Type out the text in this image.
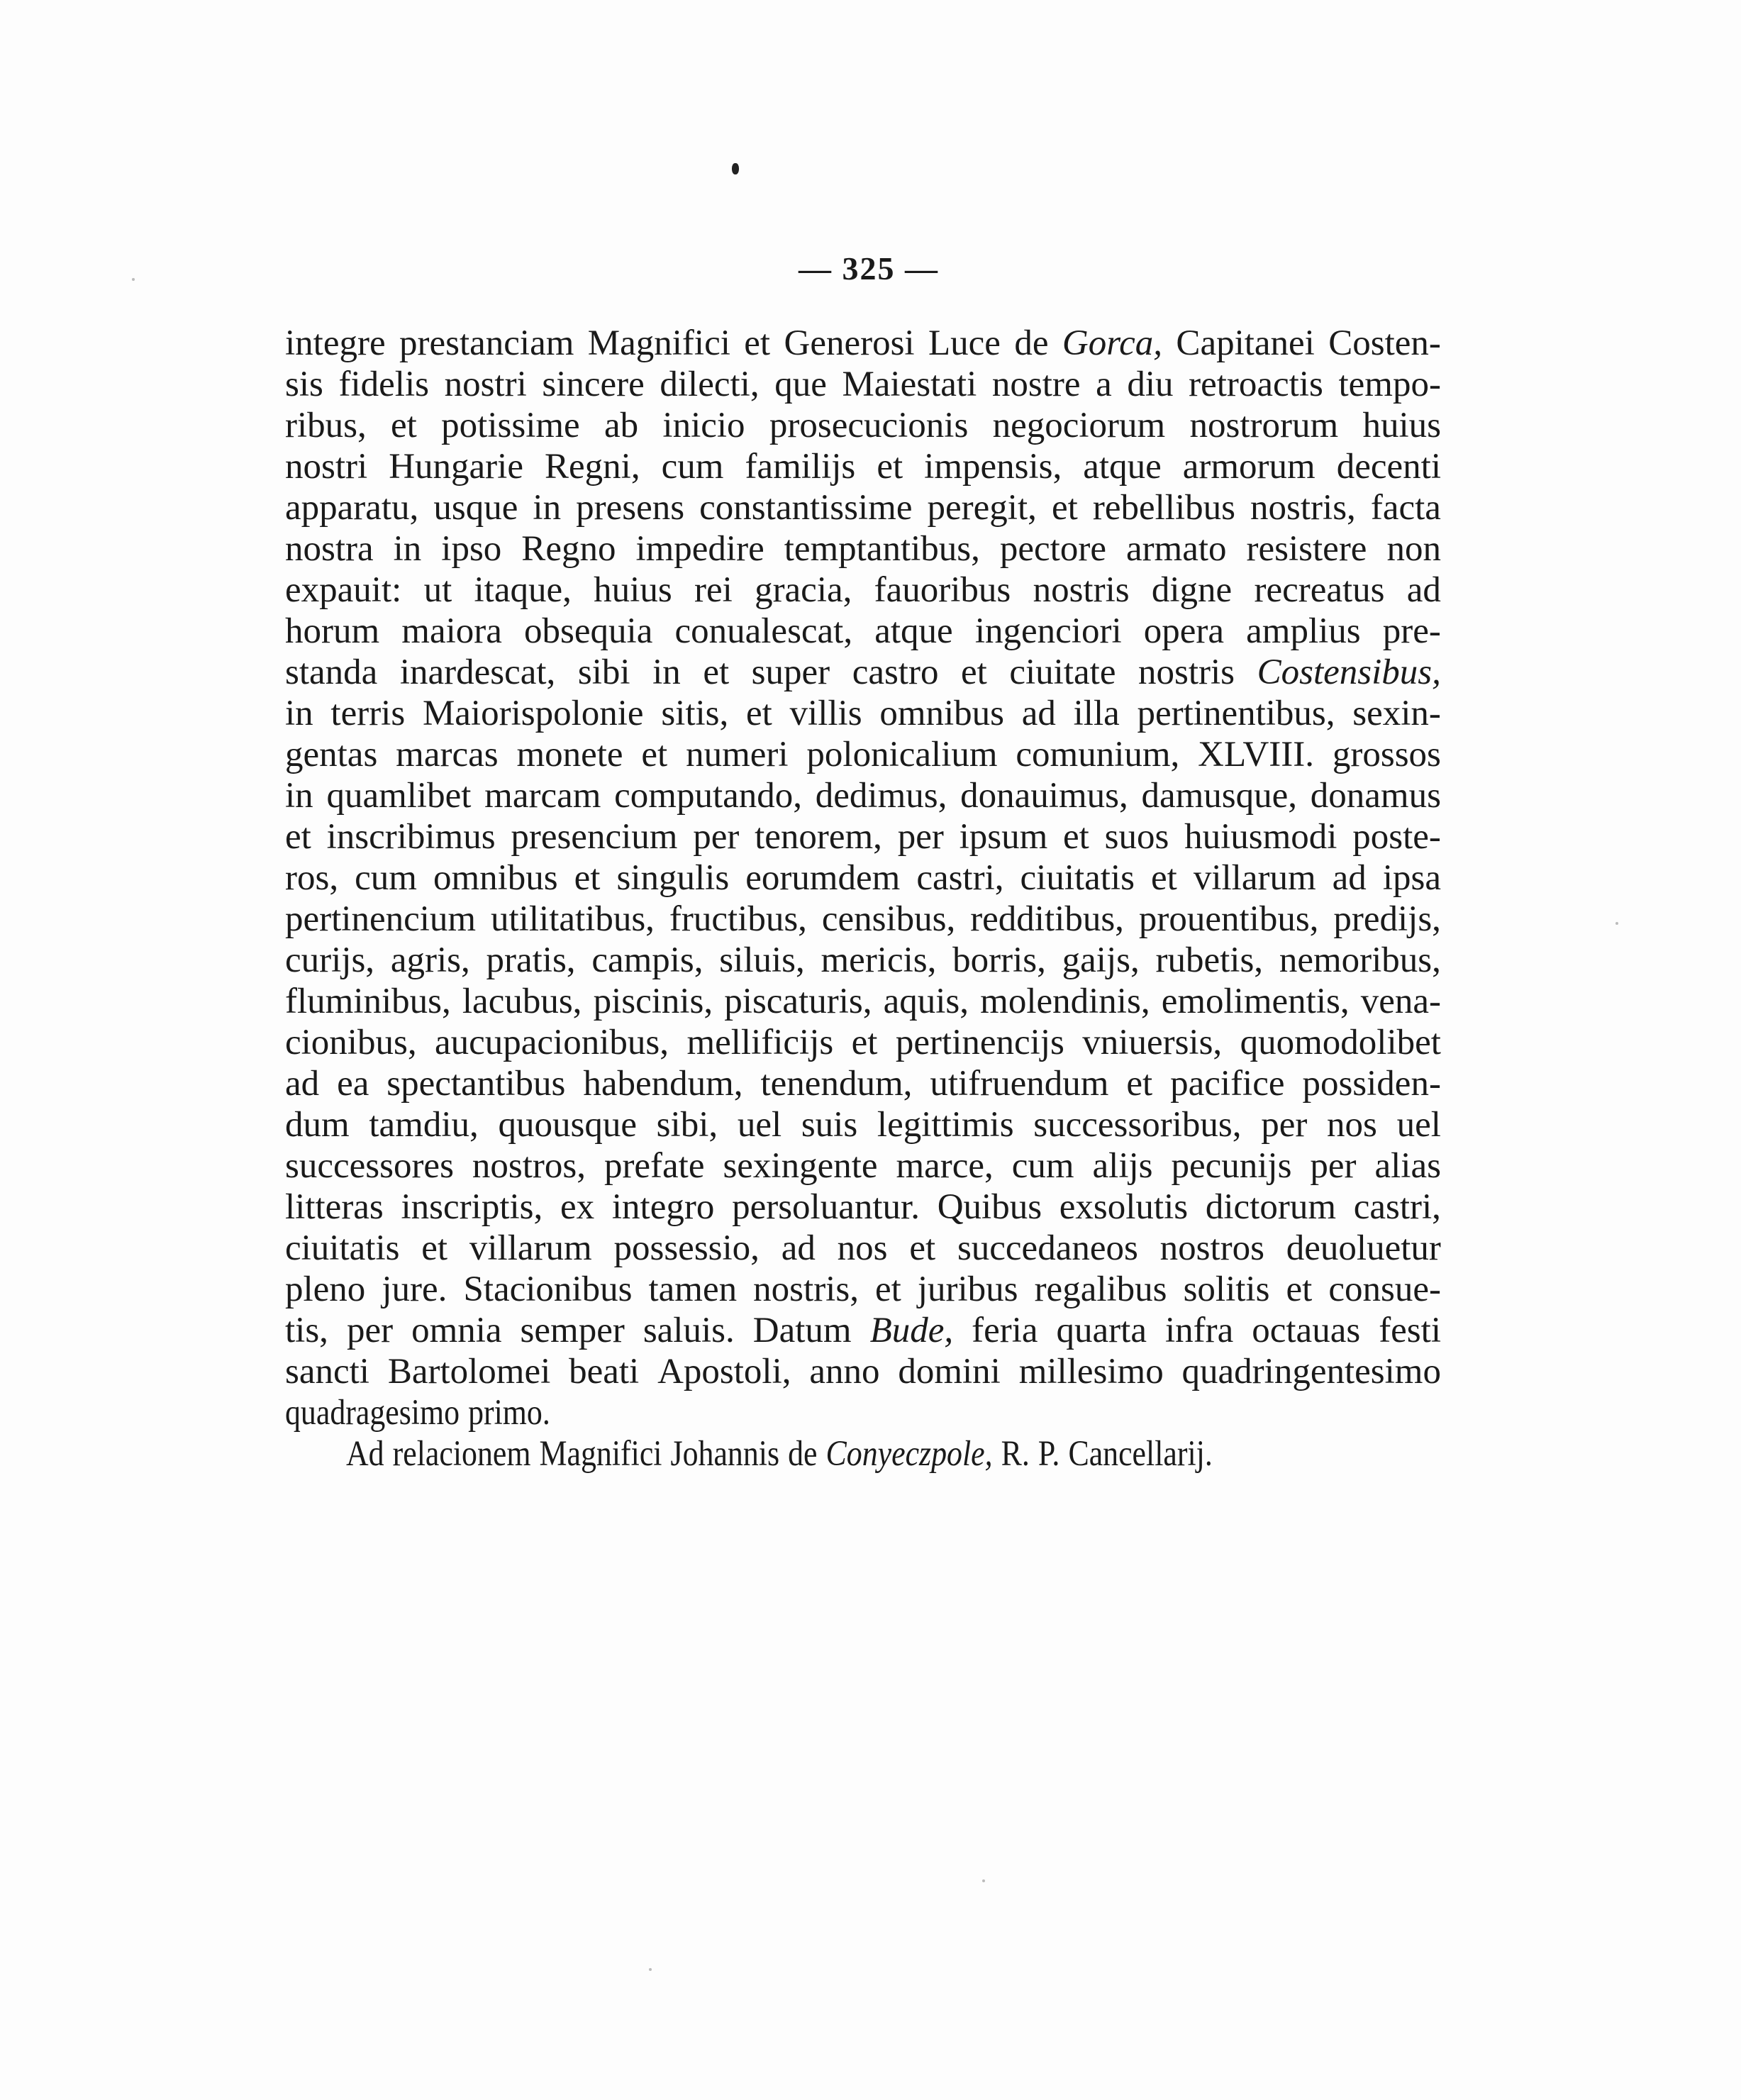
— 325 —
integre prestanciam Magnifici et Generosi Luce de Gorca, Capitanei Costen-
sis fidelis nostri sincere dilecti, que Maiestati nostre a diu retroactis tempo-
ribus, et potissime ab inicio prosecucionis negociorum nostrorum huius
nostri Hungarie Regni, cum familijs et impensis, atque armorum decenti
apparatu, usque in presens constantissime peregit, et rebellibus nostris, facta
nostra in ipso Regno impedire temptantibus, pectore armato resistere non
expauit: ut itaque, huius rei gracia, fauoribus nostris digne recreatus ad
horum maiora obsequia conualescat, atque ingenciori opera amplius pre-
standa inardescat, sibi in et super castro et ciuitate nostris Costensibus,
in terris Maiorispolonie sitis, et villis omnibus ad illa pertinentibus, sexin-
gentas marcas monete et numeri polonicalium comunium, XLVIII. grossos
in quamlibet marcam computando, dedimus, donauimus, damusque, donamus
et inscribimus presencium per tenorem, per ipsum et suos huiusmodi poste-
ros, cum omnibus et singulis eorumdem castri, ciuitatis et villarum ad ipsa
pertinencium utilitatibus, fructibus, censibus, redditibus, prouentibus, predijs,
curijs, agris, pratis, campis, siluis, mericis, borris, gaijs, rubetis, nemoribus,
fluminibus, lacubus, piscinis, piscaturis, aquis, molendinis, emolimentis, vena-
cionibus, aucupacionibus, mellificijs et pertinencijs vniuersis, quomodolibet
ad ea spectantibus habendum, tenendum, utifruendum et pacifice possiden-
dum tamdiu, quousque sibi, uel suis legittimis successoribus, per nos uel
successores nostros, prefate sexingente marce, cum alijs pecunijs per alias
litteras inscriptis, ex integro persoluantur. Quibus exsolutis dictorum castri,
ciuitatis et villarum possessio, ad nos et succedaneos nostros deuoluetur
pleno jure. Stacionibus tamen nostris, et juribus regalibus solitis et consue-
tis, per omnia semper saluis. Datum Bude, feria quarta infra octauas festi
sancti Bartolomei beati Apostoli, anno domini millesimo quadringentesimo
quadragesimo primo.
Ad relacionem Magnifici Johannis de Conyeczpole, R. P. Cancellarij.
